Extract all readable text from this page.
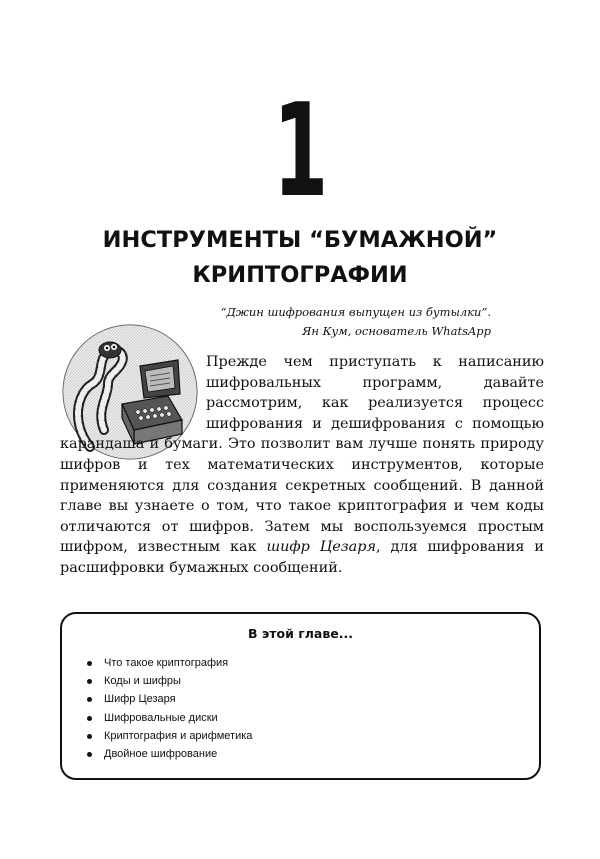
1
ИНСТРУМЕНТЫ “БУМАЖНОЙ”
КРИПТОГРАФИИ
“Джин шифрования выпущен из бутылки”.
Ян Кум, основатель WhatsApp

Прежде чем приступать к написанию шифровальных программ, давайте рассмотрим, как реализуется процесс шифрования и дешифрования с помощью карандаша и бумаги. Это позволит вам лучше понять природу шифров и тех математических инструментов, которые применяются для создания секретных сообщений. В данной главе вы узнаете о том, что такое криптография и чем коды отличаются от шифров. Затем мы воспользуемся простым шифром, известным как шифр Цезаря, для шифрования и расшифровки бумажных сообщений.

В этой главе...
Что такое криптография
Коды и шифры
Шифр Цезаря
Шифровальные диски
Криптография и арифметика
Двойное шифрование
